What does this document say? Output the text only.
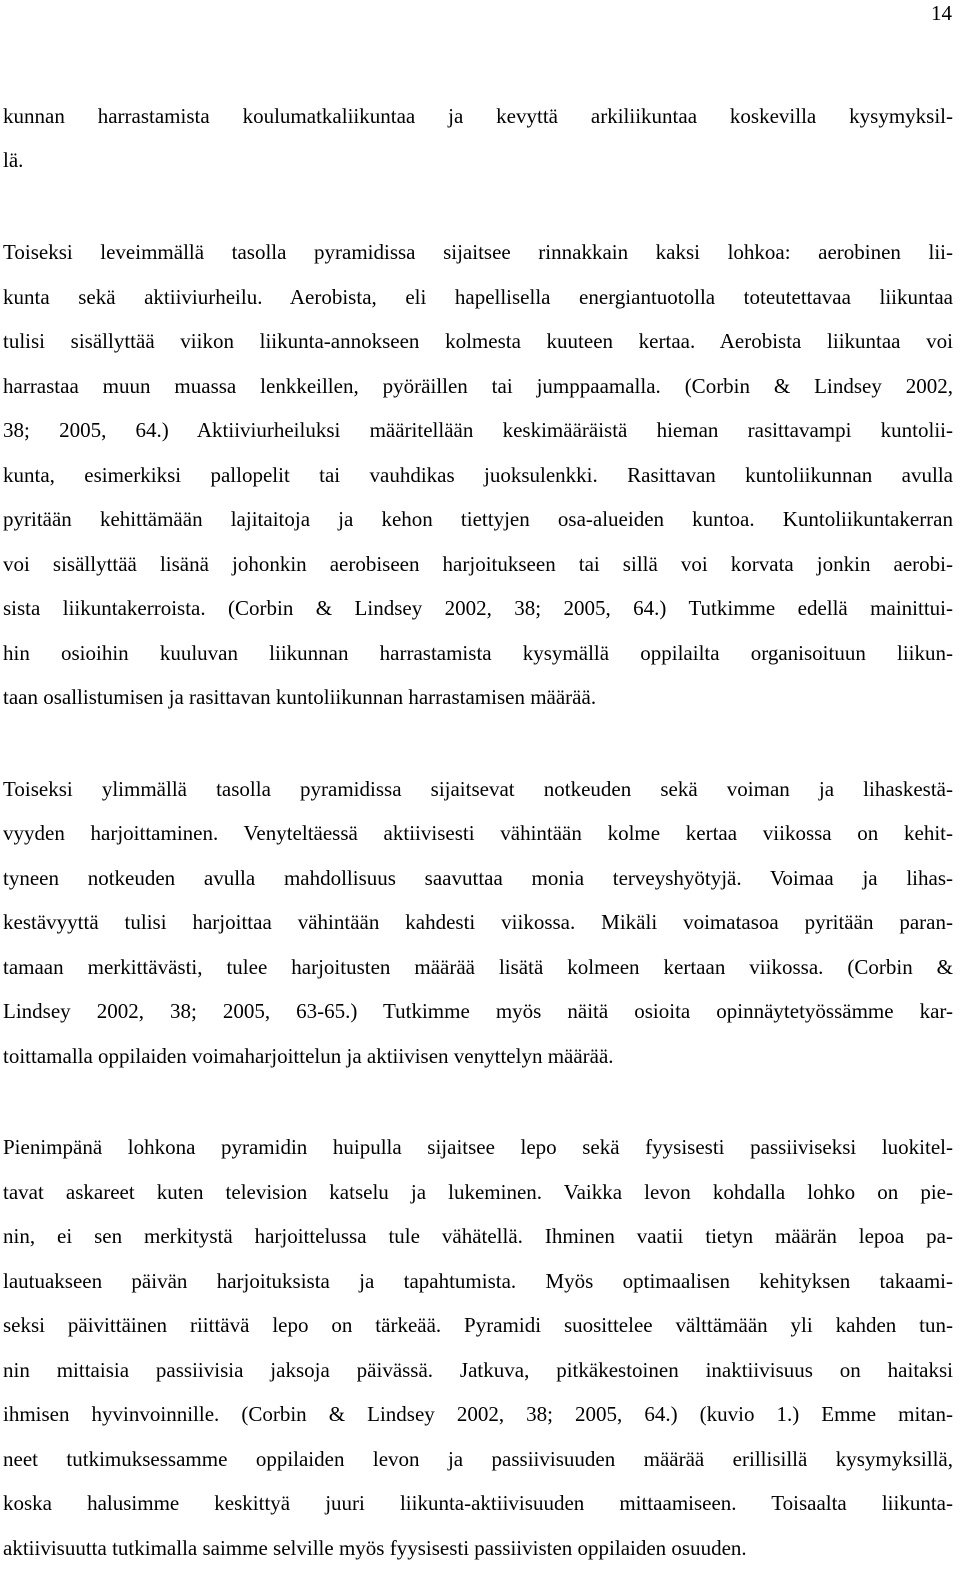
14
kunnan harrastamista koulumatkaliikuntaa ja kevyttä arkiliikuntaa koskevilla kysymyksil-
lä.
Toiseksi leveimmällä tasolla pyramidissa sijaitsee rinnakkain kaksi lohkoa: aerobinen lii-
kunta sekä aktiiviurheilu. Aerobista, eli hapellisella energiantuotolla toteutettavaa liikuntaa
tulisi sisällyttää viikon liikunta-annokseen kolmesta kuuteen kertaa. Aerobista liikuntaa voi
harrastaa muun muassa lenkkeillen, pyöräillen tai jumppaamalla. (Corbin & Lindsey 2002,
38; 2005, 64.) Aktiiviurheiluksi määritellään keskimääräistä hieman rasittavampi kuntolii-
kunta, esimerkiksi pallopelit tai vauhdikas juoksulenkki. Rasittavan kuntoliikunnan avulla
pyritään kehittämään lajitaitoja ja kehon tiettyjen osa-alueiden kuntoa. Kuntoliikuntakerran
voi sisällyttää lisänä johonkin aerobiseen harjoitukseen tai sillä voi korvata jonkin aerobi-
sista liikuntakerroista. (Corbin & Lindsey 2002, 38; 2005, 64.) Tutkimme edellä mainittui-
hin osioihin kuuluvan liikunnan harrastamista kysymällä oppilailta organisoituun liikun-
taan osallistumisen ja rasittavan kuntoliikunnan harrastamisen määrää.
Toiseksi ylimmällä tasolla pyramidissa sijaitsevat notkeuden sekä voiman ja lihaskestä-
vyyden harjoittaminen. Venyteltäessä aktiivisesti vähintään kolme kertaa viikossa on kehit-
tyneen notkeuden avulla mahdollisuus saavuttaa monia terveyshyötyjä. Voimaa ja lihas-
kestävyyttä tulisi harjoittaa vähintään kahdesti viikossa. Mikäli voimatasoa pyritään paran-
tamaan merkittävästi, tulee harjoitusten määrää lisätä kolmeen kertaan viikossa. (Corbin &
Lindsey 2002, 38; 2005, 63-65.) Tutkimme myös näitä osioita opinnäytetyössämme kar-
toittamalla oppilaiden voimaharjoittelun ja aktiivisen venyttelyn määrää.
Pienimpänä lohkona pyramidin huipulla sijaitsee lepo sekä fyysisesti passiiviseksi luokitel-
tavat askareet kuten television katselu ja lukeminen. Vaikka levon kohdalla lohko on pie-
nin, ei sen merkitystä harjoittelussa tule vähätellä. Ihminen vaatii tietyn määrän lepoa pa-
lautuakseen päivän harjoituksista ja tapahtumista. Myös optimaalisen kehityksen takaami-
seksi päivittäinen riittävä lepo on tärkeää. Pyramidi suosittelee välttämään yli kahden tun-
nin mittaisia passiivisia jaksoja päivässä. Jatkuva, pitkäkestoinen inaktiivisuus on haitaksi
ihmisen hyvinvoinnille. (Corbin & Lindsey 2002, 38; 2005, 64.) (kuvio 1.) Emme mitan-
neet tutkimuksessamme oppilaiden levon ja passiivisuuden määrää erillisillä kysymyksillä,
koska halusimme keskittyä juuri liikunta-aktiivisuuden mittaamiseen. Toisaalta liikunta-
aktiivisuutta tutkimalla saimme selville myös fyysisesti passiivisten oppilaiden osuuden.
